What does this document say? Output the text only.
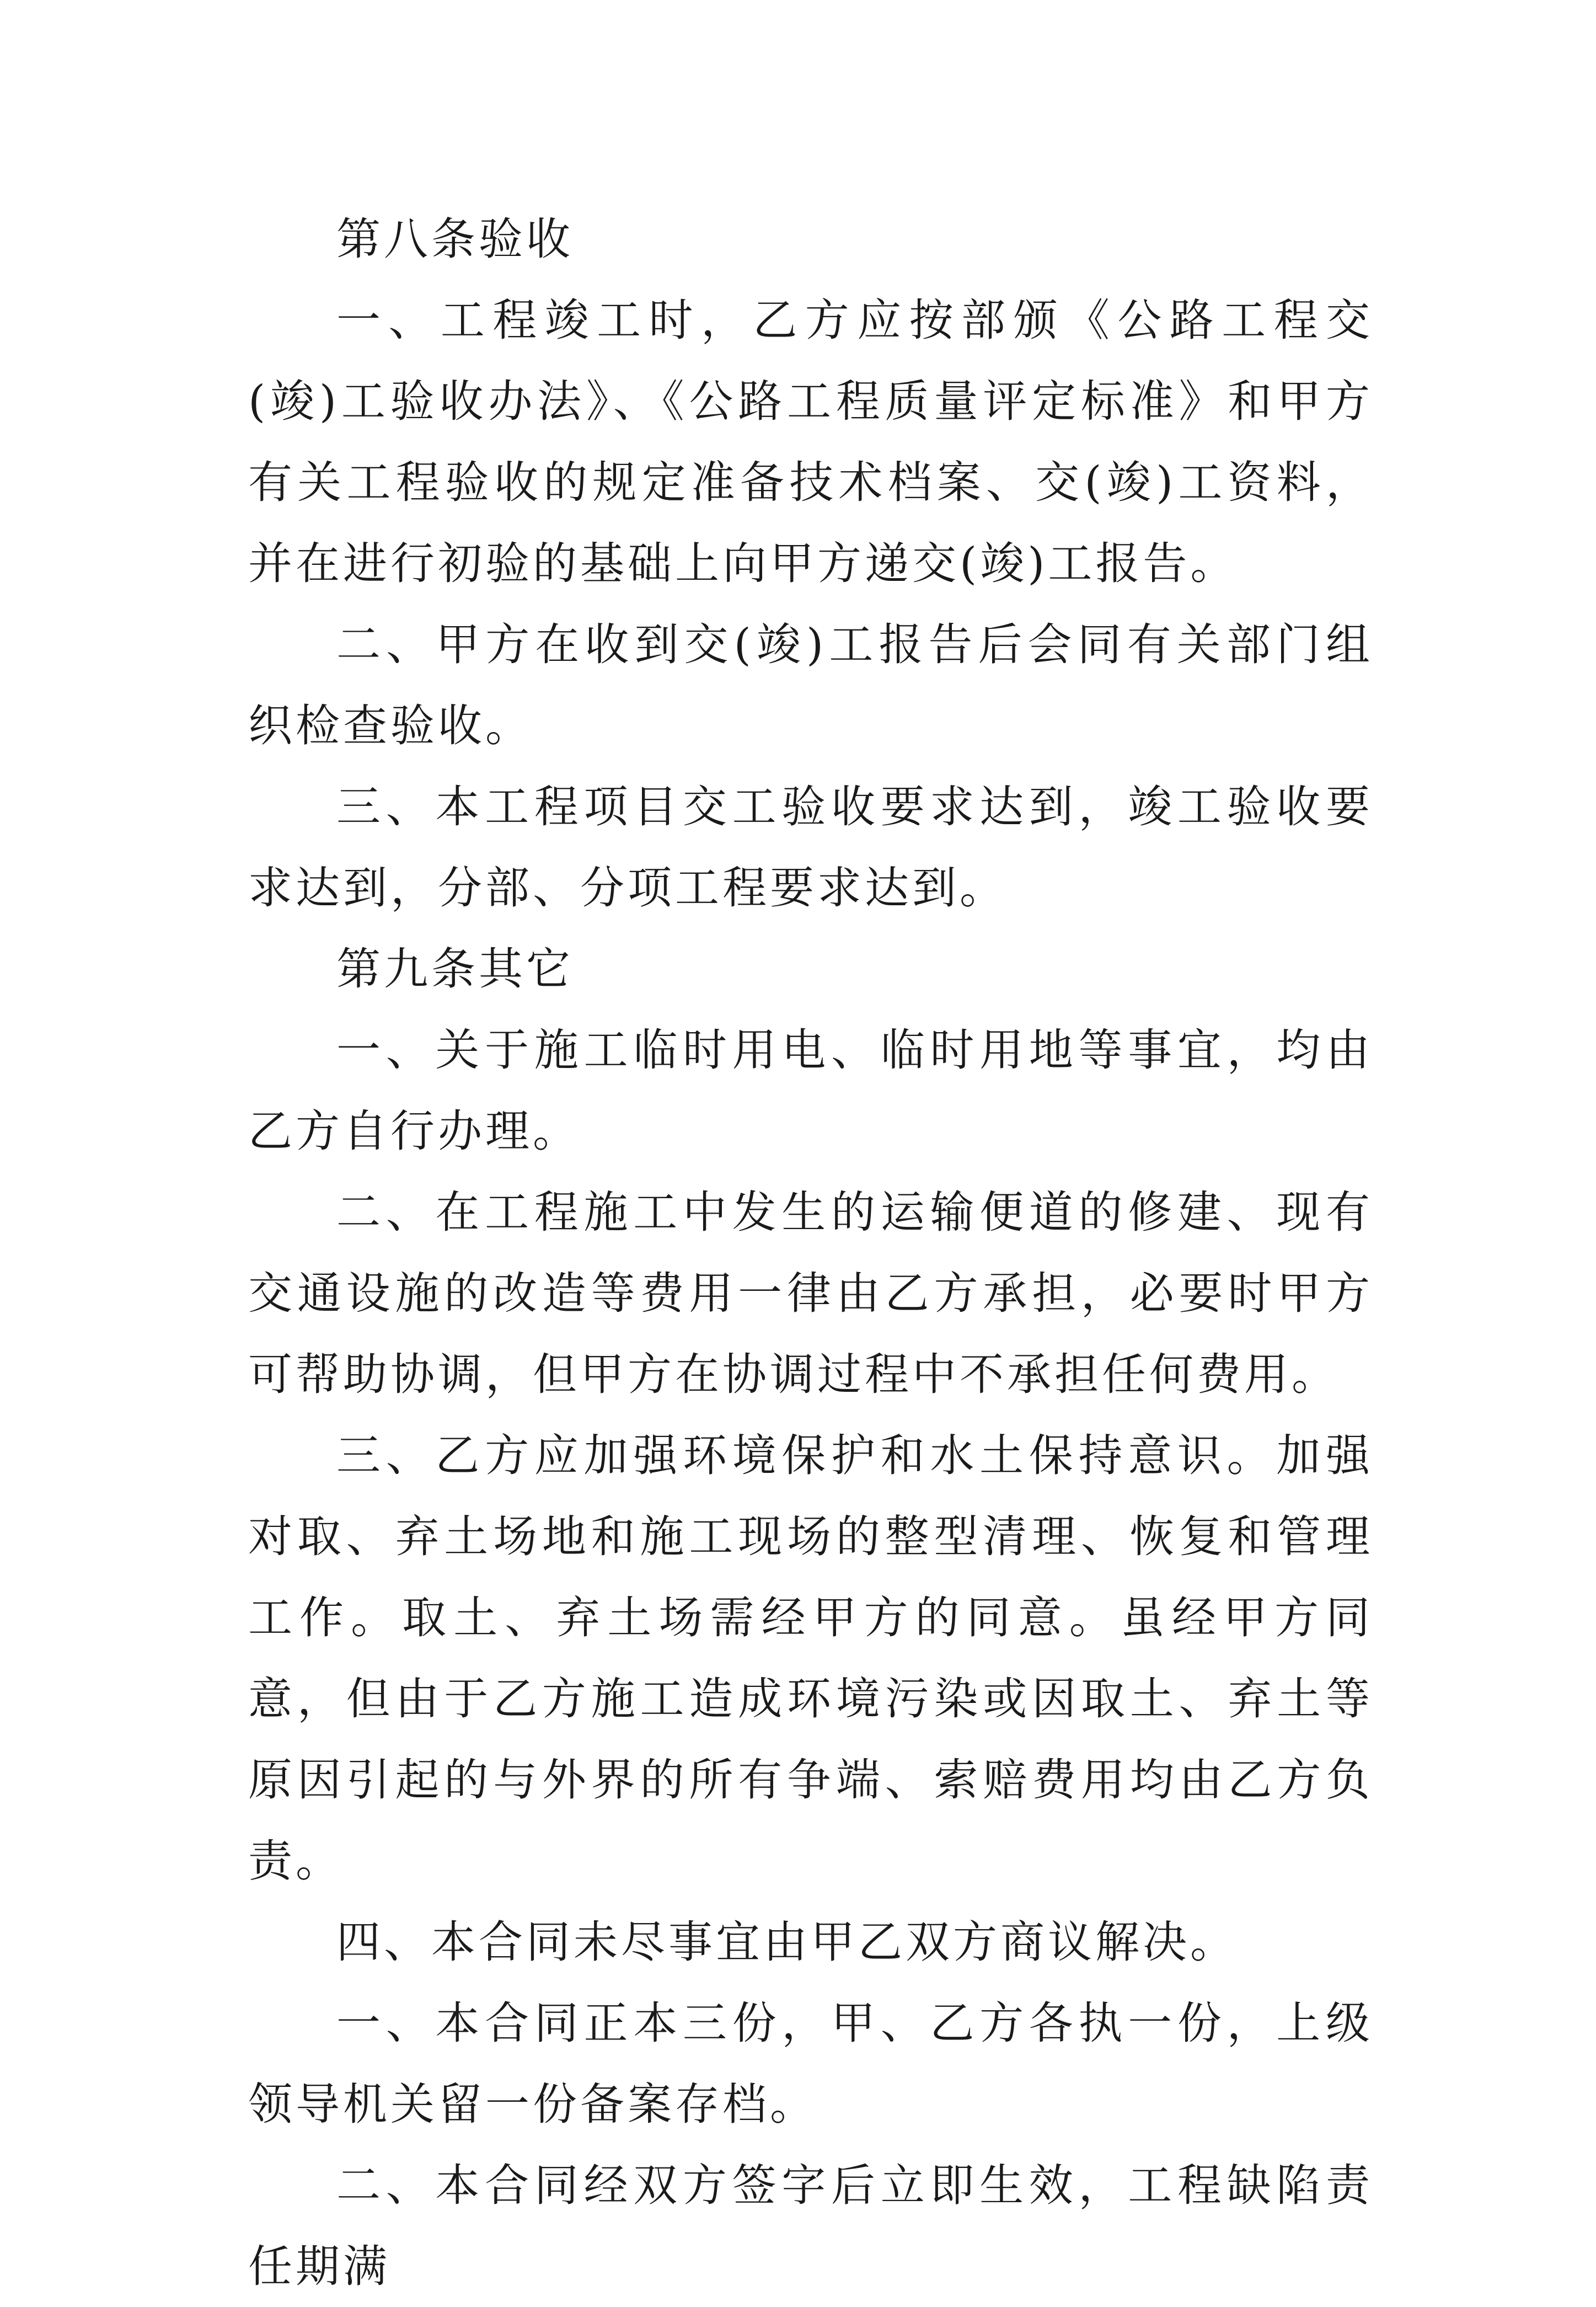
第八条验收

一、工程竣工时，乙方应按部颁《公路工程交(竣)工验收办法》、《公路工程质量评定标准》和甲方有关工程验收的规定准备技术档案、交(竣)工资料，并在进行初验的基础上向甲方递交(竣)工报告。

二、甲方在收到交(竣)工报告后会同有关部门组织检查验收。

三、本工程项目交工验收要求达到，竣工验收要求达到，分部、分项工程要求达到。

第九条其它

一、关于施工临时用电、临时用地等事宜，均由乙方自行办理。

二、在工程施工中发生的运输便道的修建、现有交通设施的改造等费用一律由乙方承担，必要时甲方可帮助协调，但甲方在协调过程中不承担任何费用。

三、乙方应加强环境保护和水土保持意识。加强对取、弃土场地和施工现场的整型清理、恢复和管理工作。取土、弃土场需经甲方的同意。虽经甲方同意，但由于乙方施工造成环境污染或因取土、弃土等原因引起的与外界的所有争端、索赔费用均由乙方负责。

四、本合同未尽事宜由甲乙双方商议解决。

一、本合同正本三份，甲、乙方各执一份，上级领导机关留一份备案存档。

二、本合同经双方签字后立即生效，工程缺陷责任期满
